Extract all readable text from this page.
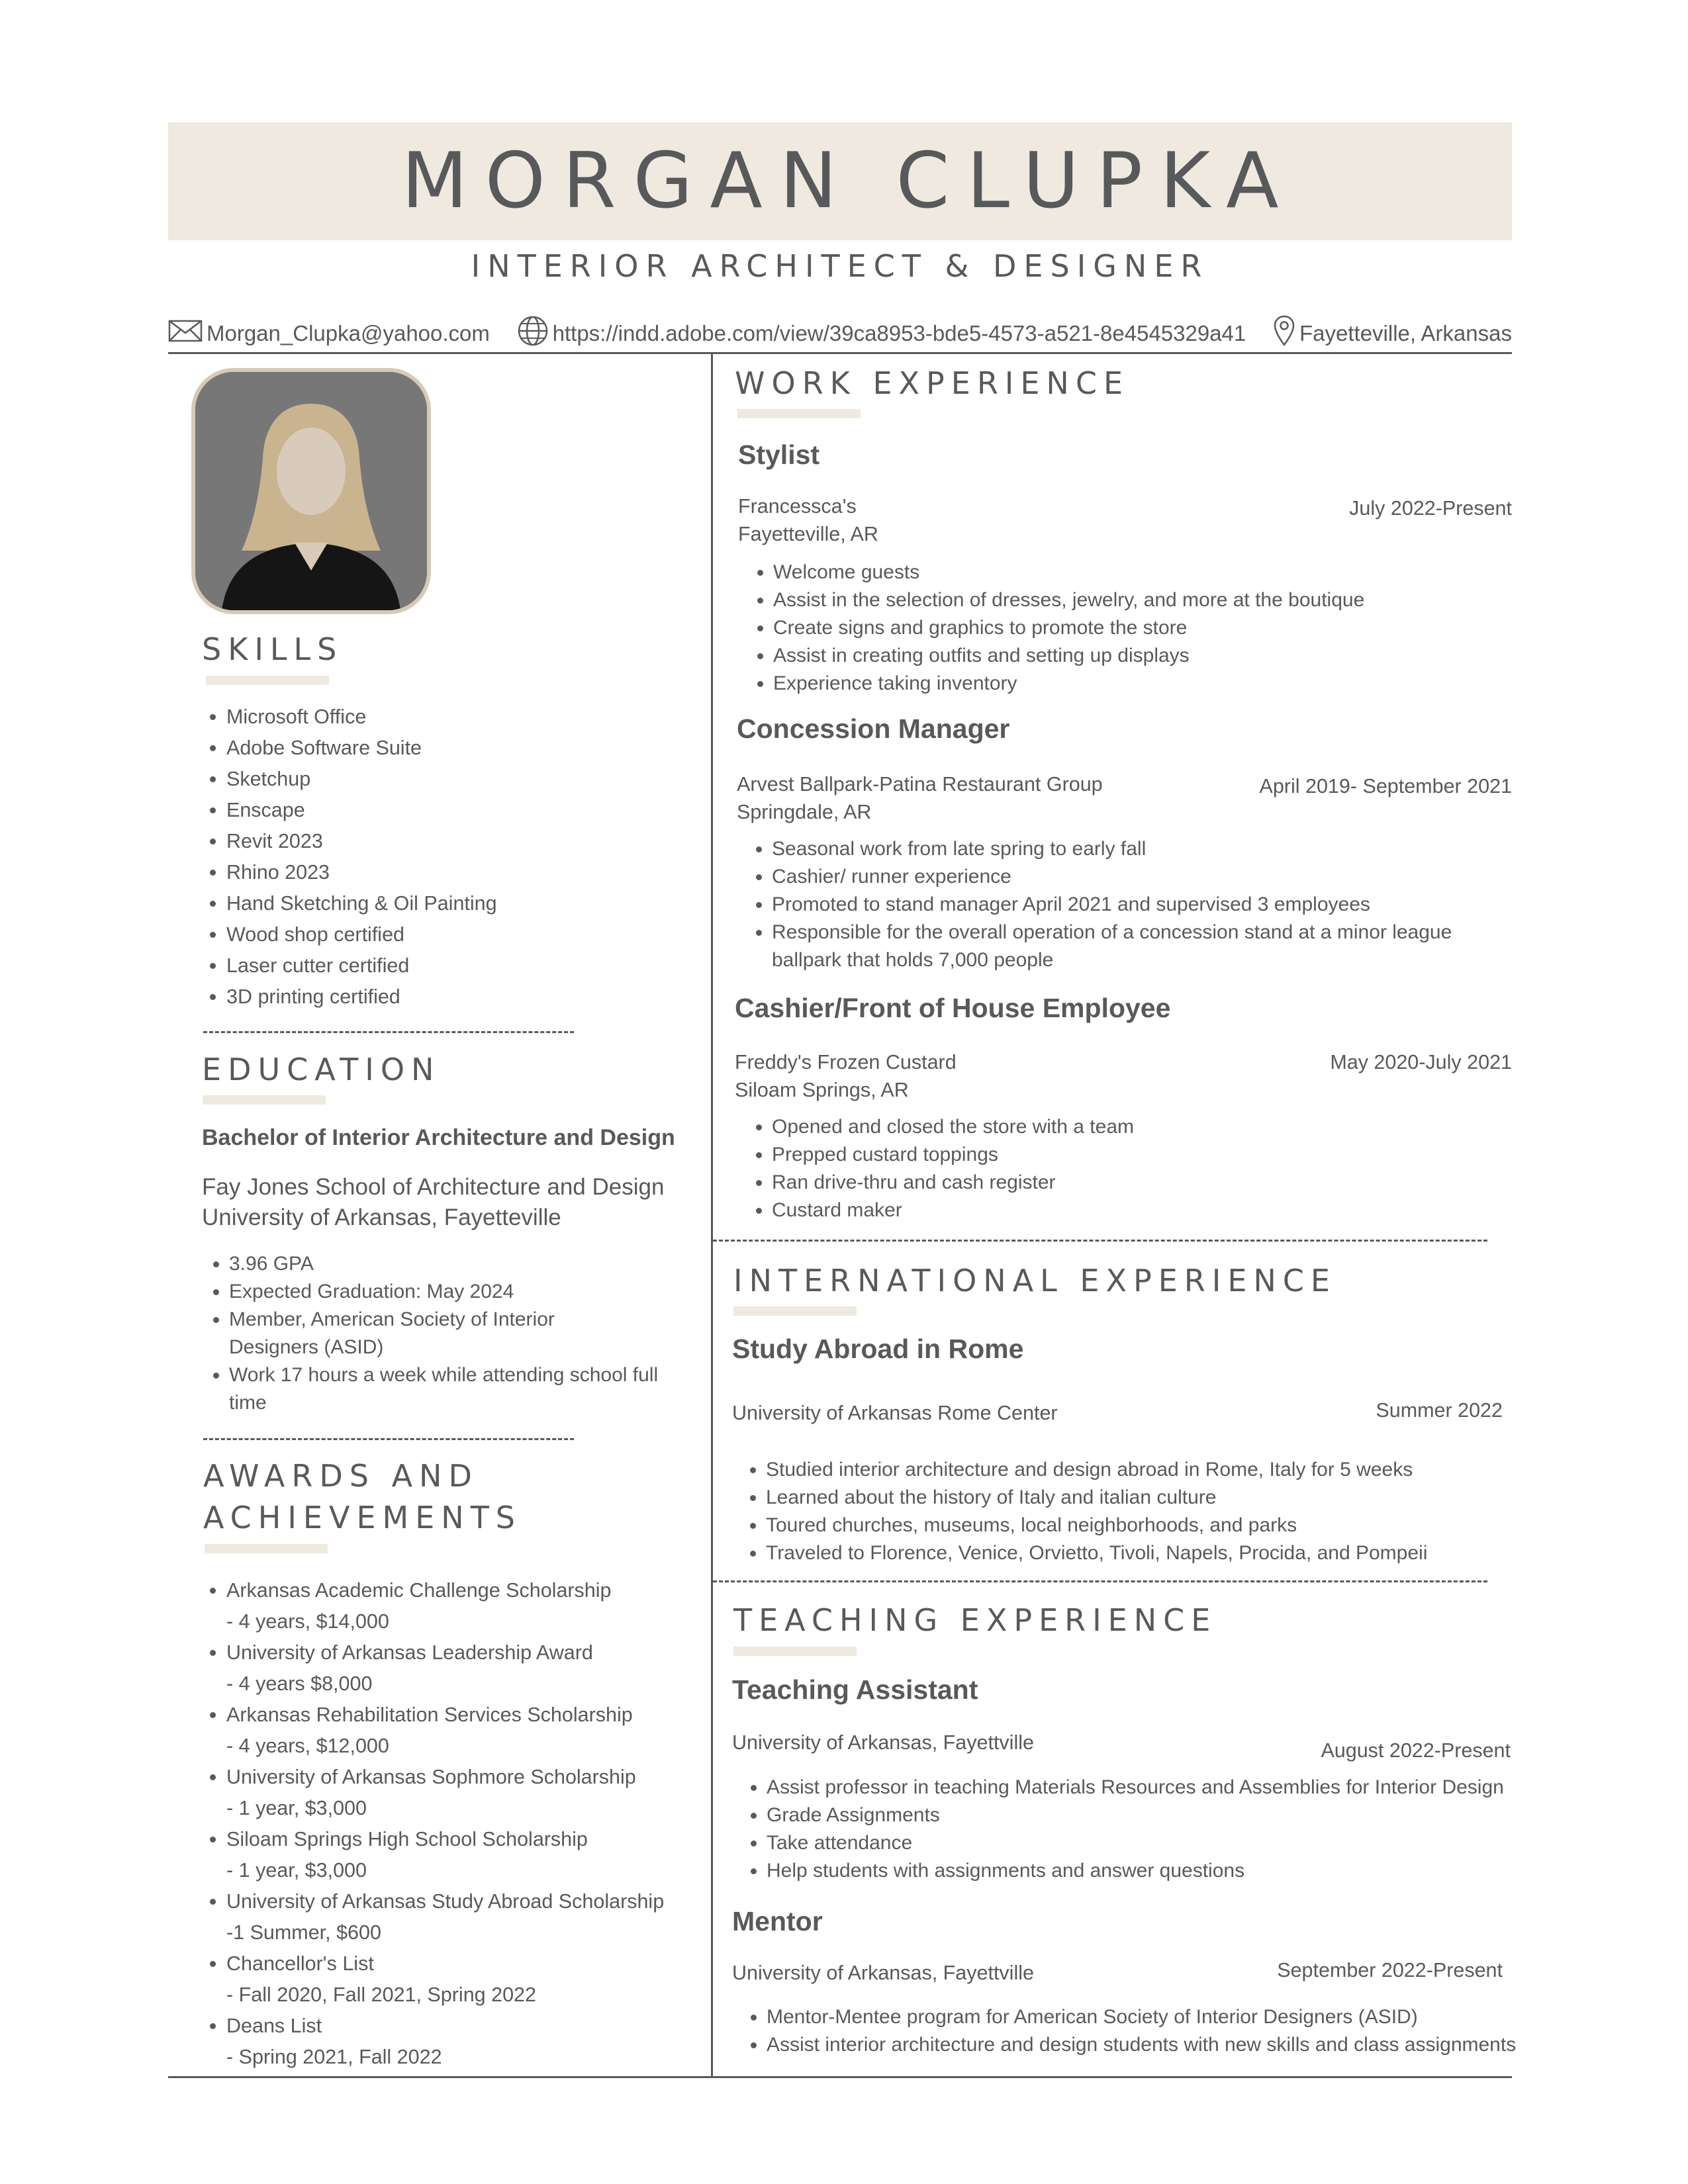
MORGAN CLUPKA
INTERIOR ARCHITECT & DESIGNER
Morgan_Clupka@yahoo.com	https://indd.adobe.com/view/39ca8953-bde5-4573-a521-8e4545329a41 Fayetteville, Arkansas
SKILLS
• Microsoft Office
• Adobe Software Suite
• Sketchup
• Enscape
• Revit 2023
• Rhino 2023
• Hand Sketching & Oil Painting
• Wood shop certified
• Laser cutter certified
• 3D printing certified
EDUCATION
Bachelor of Interior Architecture and Design
Fay Jones School of Architecture and Design
University of Arkansas, Fayetteville
• 3.96 GPA
• Expected Graduation: May 2024
• Member, American Society of Interior Designers (ASID)
• Work 17 hours a week while attending school full time
AWARDS AND
ACHIEVEMENTS
• Arkansas Academic Challenge Scholarship
- 4 years, $14,000
• University of Arkansas Leadership Award
- 4 years $8,000
• Arkansas Rehabilitation Services Scholarship
- 4 years, $12,000
• University of Arkansas Sophmore Scholarship
- 1 year, $3,000
• Siloam Springs High School Scholarship
- 1 year, $3,000
• University of Arkansas Study Abroad Scholarship
-1 Summer, $600
• Chancellor's List
- Fall 2020, Fall 2021, Spring 2022
• Deans List
- Spring 2021, Fall 2022
WORK EXPERIENCE
Stylist
Francessca's
Fayetteville, AR
July 2022-Present
• Welcome guests
• Assist in the selection of dresses, jewelry, and more at the boutique
• Create signs and graphics to promote the store
• Assist in creating outfits and setting up displays
• Experience taking inventory
Concession Manager
Arvest Ballpark-Patina Restaurant Group
Springdale, AR
April 2019- September 2021
• Seasonal work from late spring to early fall
• Cashier/ runner experience
• Promoted to stand manager April 2021 and supervised 3 employees
• Responsible for the overall operation of a concession stand at a minor league ballpark that holds 7,000 people
Cashier/Front of House Employee
Freddy's Frozen Custard
Siloam Springs, AR
May 2020-July 2021
• Opened and closed the store with a team
• Prepped custard toppings
• Ran drive-thru and cash register
• Custard maker
INTERNATIONAL EXPERIENCE
Study Abroad in Rome
University of Arkansas Rome Center	Summer 2022
• Studied interior architecture and design abroad in Rome, Italy for 5 weeks
• Learned about the history of Italy and italian culture
• Toured churches, museums, local neighborhoods, and parks
• Traveled to Florence, Venice, Orvietto, Tivoli, Napels, Procida, and Pompeii
TEACHING EXPERIENCE
Teaching Assistant
University of Arkansas, Fayettville	August 2022-Present
• Assist professor in teaching Materials Resources and Assemblies for Interior Design
• Grade Assignments
• Take attendance
• Help students with assignments and answer questions
Mentor
University of Arkansas, Fayettville	September 2022-Present
• Mentor-Mentee program for American Society of Interior Designers (ASID)
• Assist interior architecture and design students with new skills and class assignments
